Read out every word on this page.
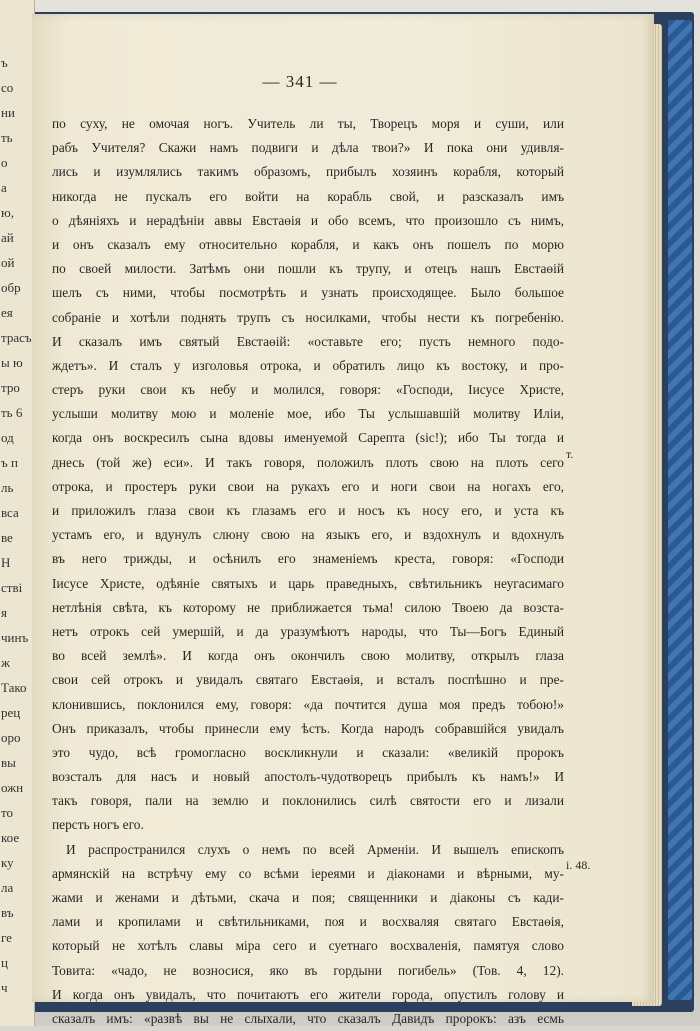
ъ
со
ни
ть
о
а
ю,
ай
ой
обр
ея
трасъ
ы ю
тро
ть 6
од
ъ п
ль
вса
ве
Н
стві
я
чинъ
ж
Тако
рец
оро
вы
ожн
то
кое
ку
ла
въ
ге
ц
ч
— 341 —
по суху, не омочая ногъ. Учитель ли ты, Творецъ моря и суши, или
рабъ Учителя? Скажи намъ подвиги и дѣла твои?» И пока они удивля-
лись и изумлялись такимъ образомъ, прибылъ хозяинъ корабля, который
никогда не пускалъ его войти на корабль свой, и разсказалъ имъ
о дѣяніяхъ и нерадѣніи аввы Евстаѳія и обо всемъ, что произошло съ нимъ,
и онъ сказалъ ему относительно корабля, и какъ онъ пошелъ по морю
по своей милости. Затѣмъ они пошли къ трупу, и отецъ нашъ Евстаѳій
шелъ съ ними, чтобы посмотрѣть и узнать происходящее. Было большое
собраніе и хотѣли поднять трупъ съ носилками, чтобы нести къ погребенію.
И сказалъ имъ святый Евстаѳій: «оставьте его; пусть немного подо-
ждетъ». И сталъ у изголовья отрока, и обратилъ лицо къ востоку, и про-
стеръ руки свои къ небу и молился, говоря: «Господи, Іисусе Христе,
услыши молитву мою и моленіе мое, ибо Ты услышавшій молитву Иліи,
когда онъ воскресилъ сына вдовы именуемой Сарепта (sic!); ибо Ты тогда и
днесь (той же) еси». И такъ говоря, положилъ плоть свою на плоть сего
отрока, и простеръ руки свои на рукахъ его и ноги свои на ногахъ его,
и приложилъ глаза свои къ глазамъ его и носъ къ носу его, и уста къ
устамъ его, и вдунулъ слюну свою на языкъ его, и вздохнулъ и вдохнулъ
въ него трижды, и осѣнилъ его знаменіемъ креста, говоря: «Господи
Іисусе Христе, одѣяніе святыхъ и царь праведныхъ, свѣтильникъ неугасимаго
нетлѣнія свѣта, къ которому не приближается тьма! силою Твоею да возста-
нетъ отрокъ сей умершій, и да уразумѣютъ народы, что Ты—Богъ Единый
во всей землѣ». И когда онъ окончилъ свою молитву, открылъ глаза
свои сей отрокъ и увидалъ святаго Евстаѳія, и всталъ поспѣшно и пре-
клонившись, поклонился ему, говоря: «да почтится душа моя предъ тобою!»
Онъ приказалъ, чтобы принесли ему ѣсть. Когда народъ собравшійся увидалъ
это чудо, всѣ громогласно воскликнули и сказали: «великій пророкъ
возсталъ для насъ и новый апостолъ-чудотворецъ прибылъ къ намъ!» И
такъ говоря, пали на землю и поклонились силѣ святости его и лизали
персть ногъ его.
И распространился слухъ о немъ по всей Арменіи. И вышелъ епископъ
армянскій на встрѣчу ему со всѣми іереями и діаконами и вѣрными, му-
жами и женами и дѣтьми, скача и поя; священники и діаконы съ кади-
лами и кропилами и свѣтильниками, поя и восхваляя святаго Евстаѳія,
который не хотѣлъ славы міра сего и суетнаго восхваленія, памятуя слово
Товита: «чадо, не возносися, яко въ гордыни погибель» (Тов. 4, 12).
И когда онъ увидалъ, что почитаютъ его жители города, опустилъ голову и
сказалъ имъ: «развѣ вы не слыхали, что сказалъ Давидъ пророкъ: азъ есмь
т.
і. 48.
